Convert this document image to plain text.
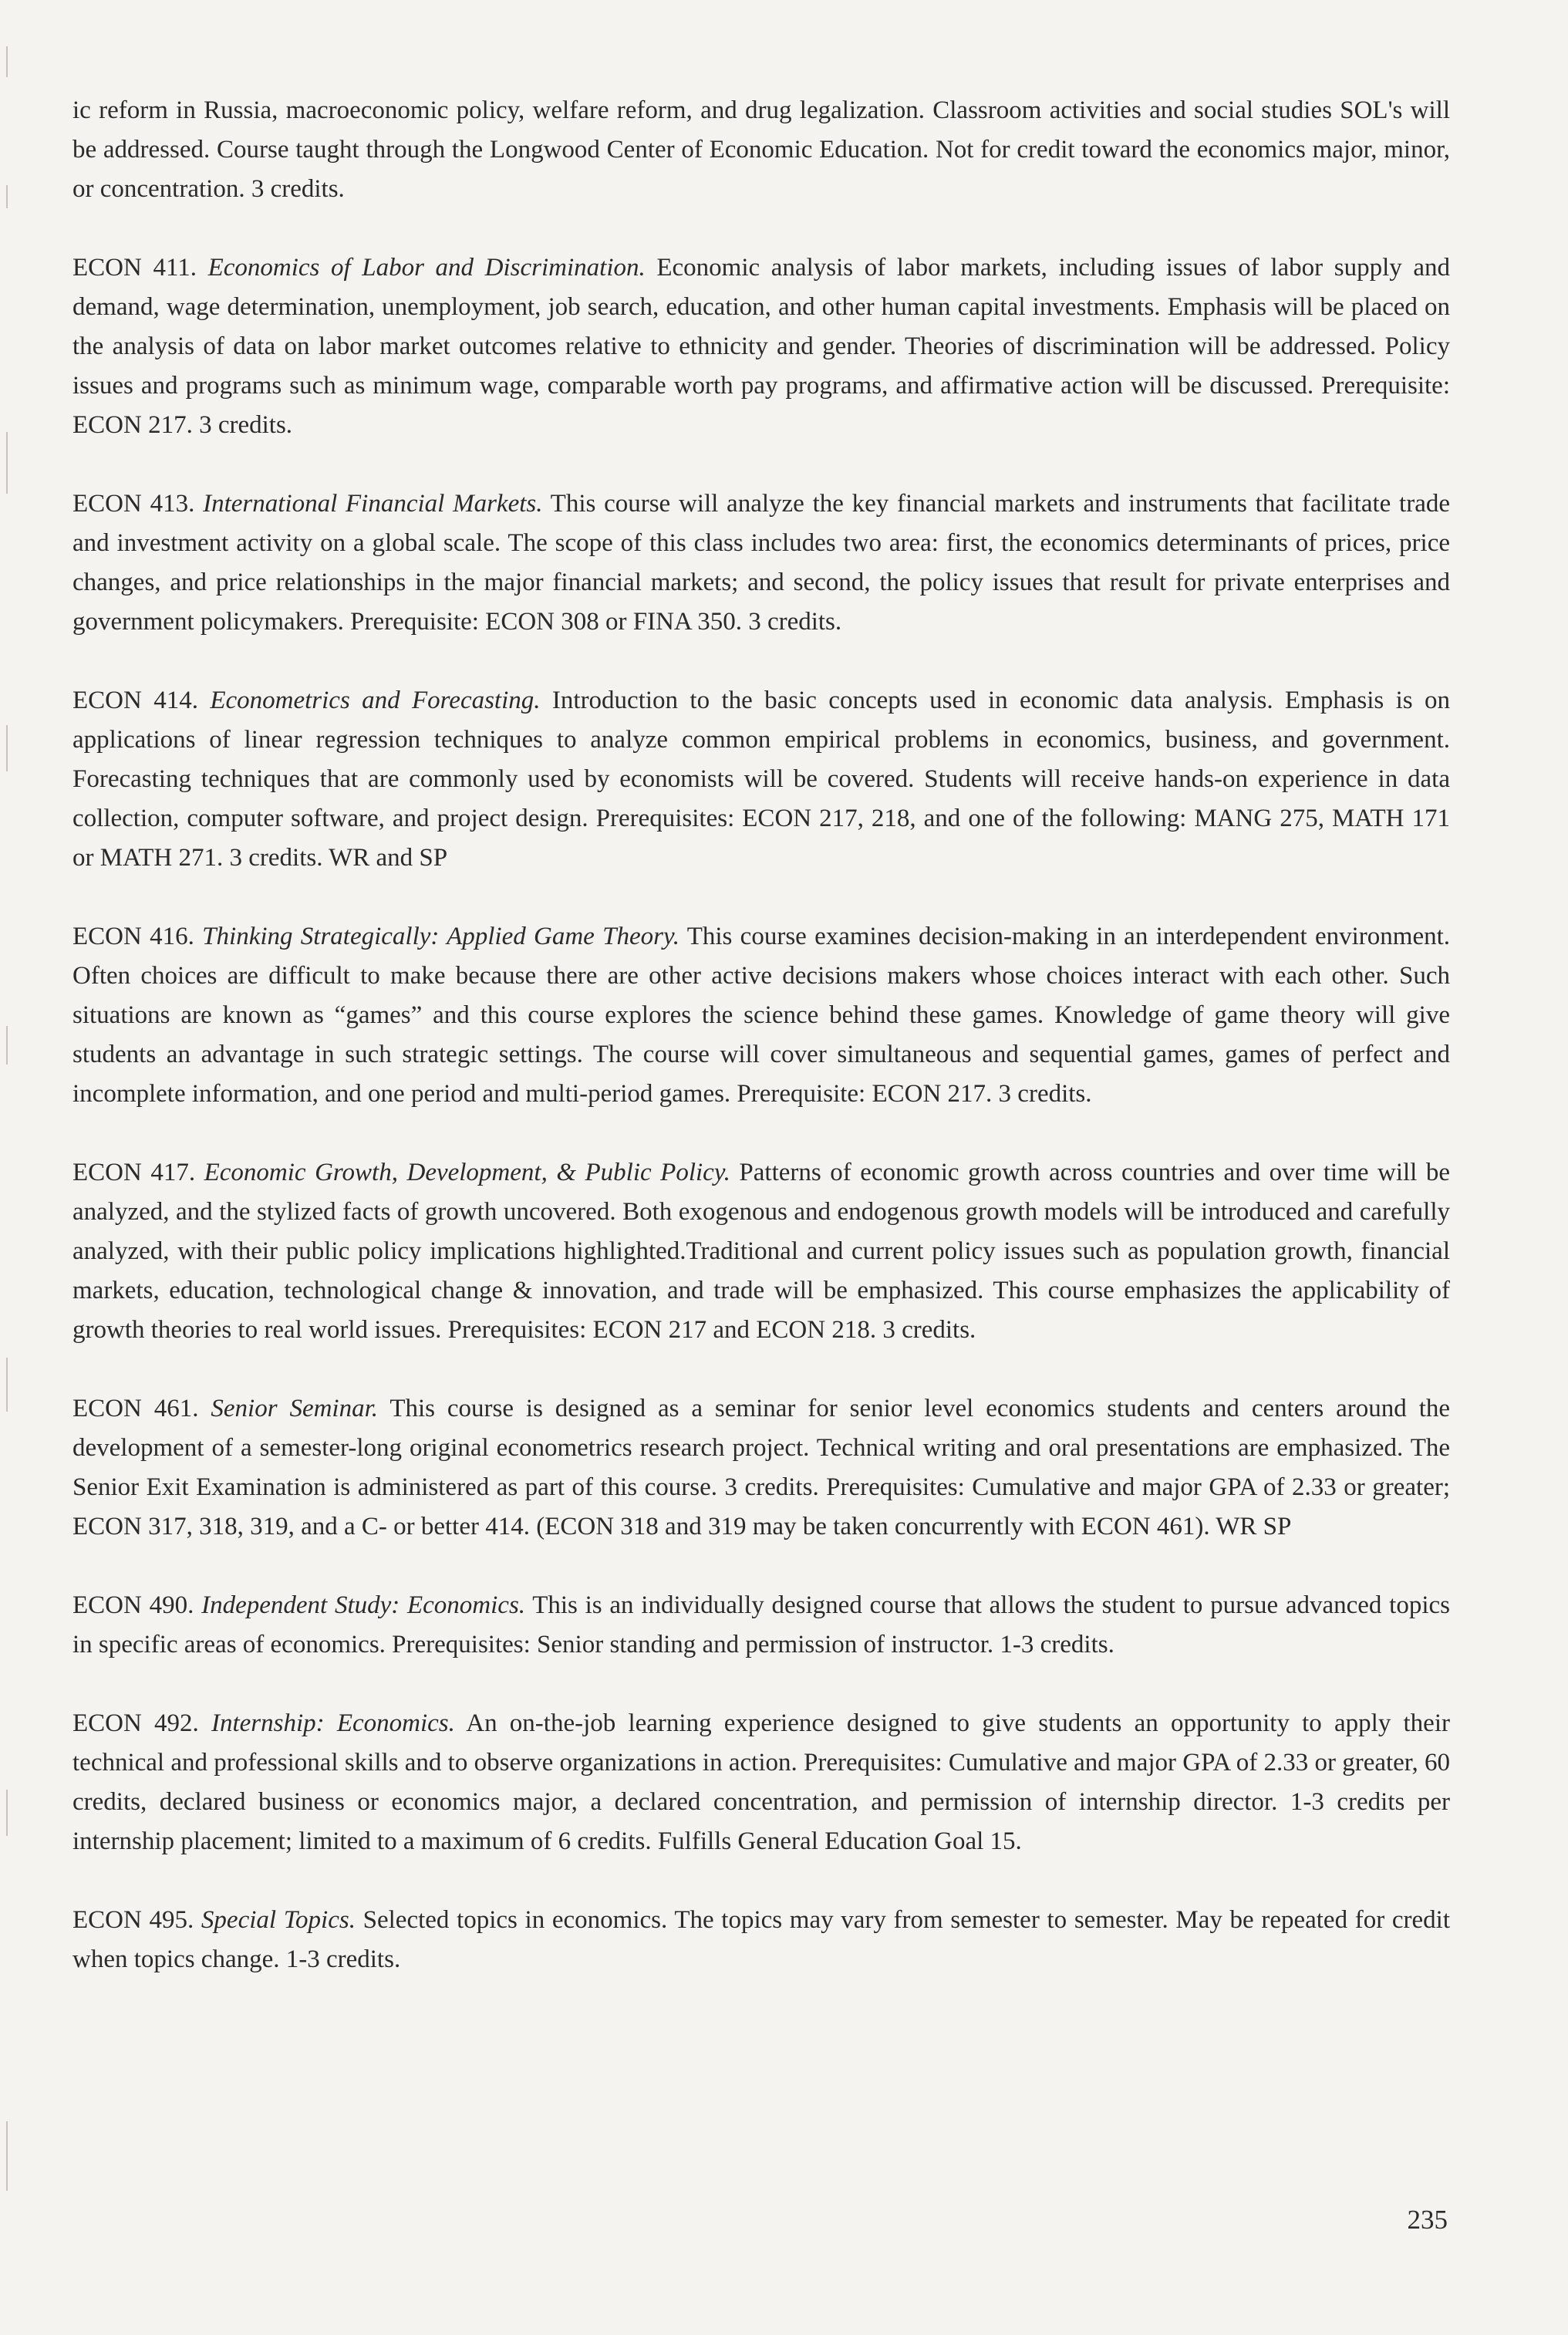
ic reform in Russia, macroeconomic policy, welfare reform, and drug legalization. Classroom activities and social studies SOL's will be addressed. Course taught through the Longwood Center of Economic Education. Not for credit toward the economics major, minor, or concentration. 3 credits.

ECON 411. Economics of Labor and Discrimination. Economic analysis of labor markets, including issues of labor supply and demand, wage determination, unemployment, job search, education, and other human capital investments. Emphasis will be placed on the analysis of data on labor market outcomes relative to ethnicity and gender. Theories of discrimination will be addressed. Policy issues and programs such as minimum wage, comparable worth pay programs, and affirmative action will be discussed. Prerequisite: ECON 217. 3 credits.

ECON 413. International Financial Markets. This course will analyze the key financial markets and instruments that facilitate trade and investment activity on a global scale. The scope of this class includes two area: first, the economics determinants of prices, price changes, and price relationships in the major financial markets; and second, the policy issues that result for private enterprises and government policymakers. Prerequisite: ECON 308 or FINA 350. 3 credits.

ECON 414. Econometrics and Forecasting. Introduction to the basic concepts used in economic data analysis. Emphasis is on applications of linear regression techniques to analyze common empirical problems in economics, business, and government. Forecasting techniques that are commonly used by economists will be covered. Students will receive hands-on experience in data collection, computer software, and project design. Prerequisites: ECON 217, 218, and one of the following: MANG 275, MATH 171 or MATH 271. 3 credits. WR and SP

ECON 416. Thinking Strategically: Applied Game Theory. This course examines decision-making in an interdependent environment. Often choices are difficult to make because there are other active decisions makers whose choices interact with each other. Such situations are known as “games” and this course explores the science behind these games. Knowledge of game theory will give students an advantage in such strategic settings. The course will cover simultaneous and sequential games, games of perfect and incomplete information, and one period and multi-period games. Prerequisite: ECON 217. 3 credits.

ECON 417. Economic Growth, Development, & Public Policy. Patterns of economic growth across countries and over time will be analyzed, and the stylized facts of growth uncovered. Both exogenous and endogenous growth models will be introduced and carefully analyzed, with their public policy implications highlighted.Traditional and current policy issues such as population growth, financial markets, education, technological change & innovation, and trade will be emphasized. This course emphasizes the applicability of growth theories to real world issues. Prerequisites: ECON 217 and ECON 218. 3 credits.

ECON 461. Senior Seminar. This course is designed as a seminar for senior level economics students and centers around the development of a semester-long original econometrics research project. Technical writing and oral presentations are emphasized. The Senior Exit Examination is administered as part of this course. 3 credits. Prerequisites: Cumulative and major GPA of 2.33 or greater; ECON 317, 318, 319, and a C- or better 414. (ECON 318 and 319 may be taken concurrently with ECON 461). WR SP

ECON 490. Independent Study: Economics. This is an individually designed course that allows the student to pursue advanced topics in specific areas of economics. Prerequisites: Senior standing and permission of instructor. 1-3 credits.

ECON 492. Internship: Economics. An on-the-job learning experience designed to give students an opportunity to apply their technical and professional skills and to observe organizations in action. Prerequisites: Cumulative and major GPA of 2.33 or greater, 60 credits, declared business or economics major, a declared concentration, and permission of internship director. 1-3 credits per internship placement; limited to a maximum of 6 credits. Fulfills General Education Goal 15.

ECON 495. Special Topics. Selected topics in economics. The topics may vary from semester to semester. May be repeated for credit when topics change. 1-3 credits.

235
